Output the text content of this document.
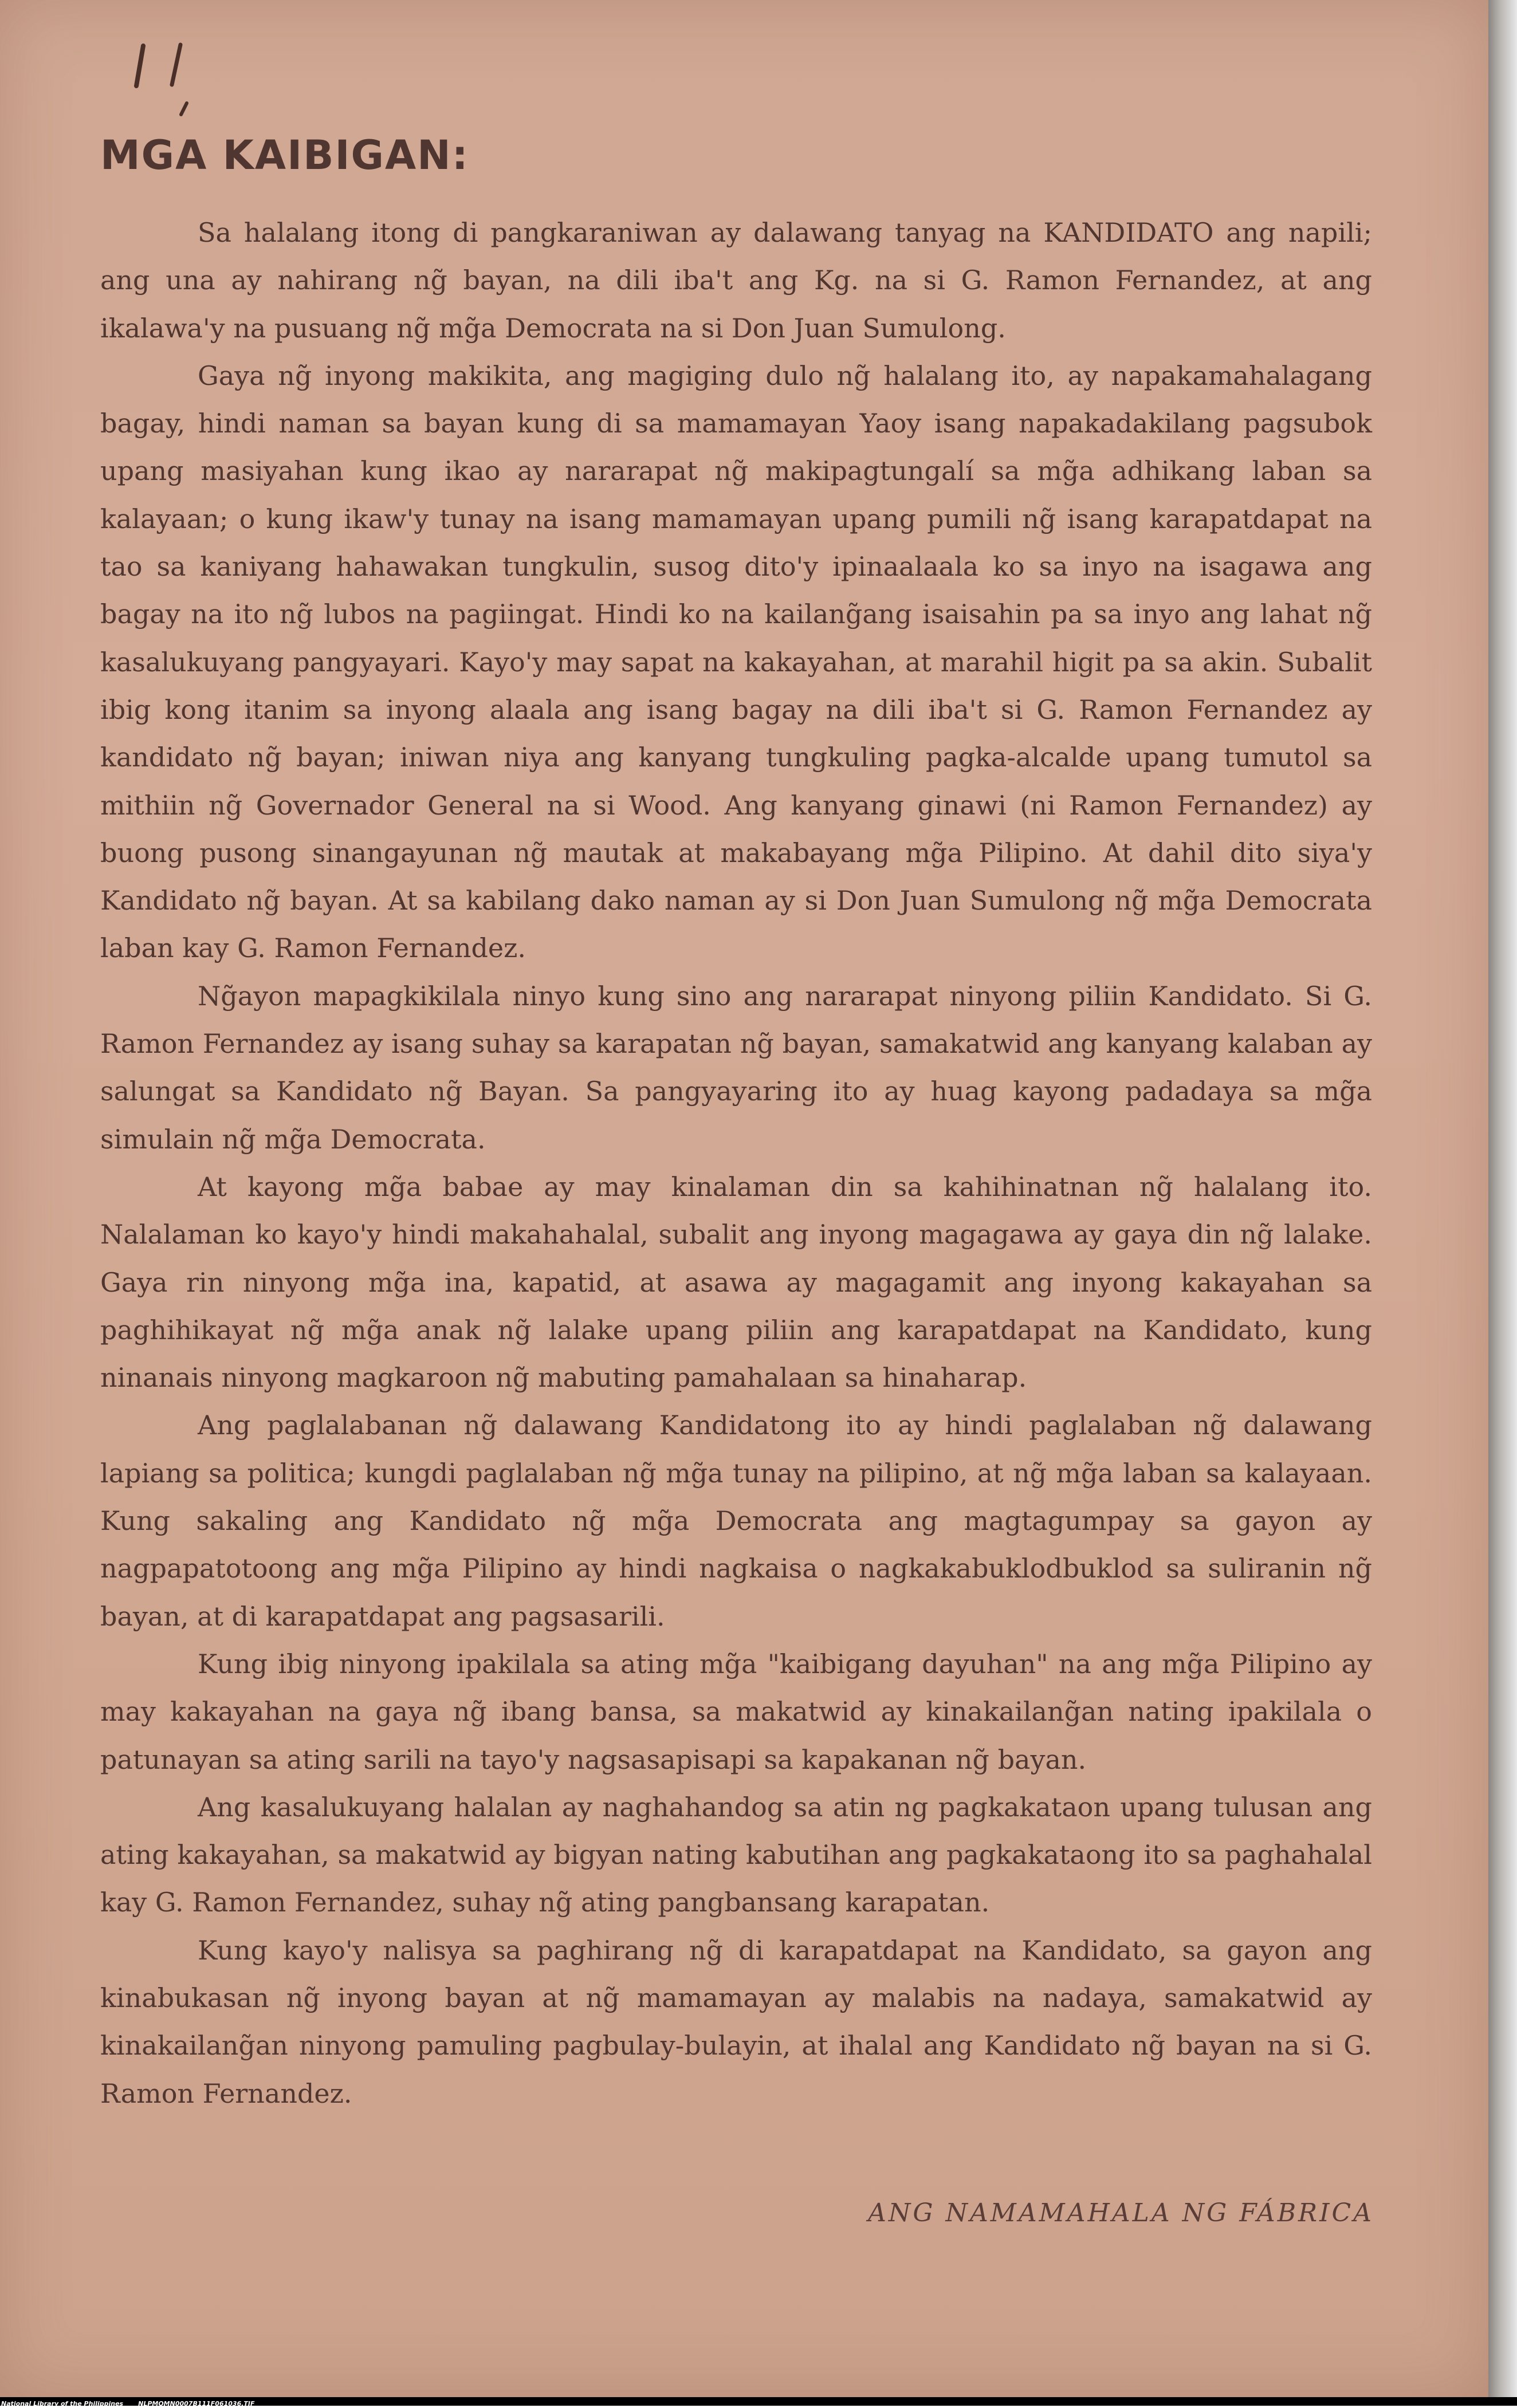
MGA KAIBIGAN:

Sa halalang itong di pangkaraniwan ay dalawang tanyag na KANDIDATO ang napili; ang una ay nahirang ng̃ bayan, na dili iba't ang Kg. na si G. Ramon Fernandez, at ang ikalawa'y na pusuang ng̃ mg̃a Democrata na si Don Juan Sumulong.

Gaya ng̃ inyong makikita, ang magiging dulo ng̃ halalang ito, ay napakamahalagang bagay, hindi naman sa bayan kung di sa mamamayan Yaoy isang napakadakilang pagsubok upang masiyahan kung ikao ay nararapat ng̃ makipagtungalí sa mg̃a adhikang laban sa kalayaan; o kung ikaw'y tunay na isang mamamayan upang pumili ng̃ isang karapatdapat na tao sa kaniyang hahawakan tungkulin, susog dito'y ipinaalaala ko sa inyo na isagawa ang bagay na ito ng̃ lubos na pagiingat. Hindi ko na kailang̃ang isaisahin pa sa inyo ang lahat ng̃ kasalukuyang pangyayari. Kayo'y may sapat na kakayahan, at marahil higit pa sa akin. Subalit ibig kong itanim sa inyong alaala ang isang bagay na dili iba't si G. Ramon Fernandez ay kandidato ng̃ bayan; iniwan niya ang kanyang tungkuling pagka-alcalde upang tumutol sa mithiin ng̃ Governador General na si Wood. Ang kanyang ginawi (ni Ramon Fernandez) ay buong pusong sinangayunan ng̃ mautak at makabayang mg̃a Pilipino. At dahil dito siya'y Kandidato ng̃ bayan. At sa kabilang dako naman ay si Don Juan Sumulong ng̃ mg̃a Democrata laban kay G. Ramon Fernandez.

Ng̃ayon mapagkikilala ninyo kung sino ang nararapat ninyong piliin Kandidato. Si G. Ramon Fernandez ay isang suhay sa karapatan ng̃ bayan, samakatwid ang kanyang kalaban ay salungat sa Kandidato ng̃ Bayan. Sa pangyayaring ito ay huag kayong padadaya sa mg̃a simulain ng̃ mg̃a Democrata.

At kayong mg̃a babae ay may kinalaman din sa kahihinatnan ng̃ halalang ito. Nalalaman ko kayo'y hindi makahahalal, subalit ang inyong magagawa ay gaya din ng̃ lalake. Gaya rin ninyong mg̃a ina, kapatid, at asawa ay magagamit ang inyong kakayahan sa paghihikayat ng̃ mg̃a anak ng̃ lalake upang piliin ang karapatdapat na Kandidato, kung ninanais ninyong magkaroon ng̃ mabuting pamahalaan sa hinaharap.

Ang paglalabanan ng̃ dalawang Kandidatong ito ay hindi paglalaban ng̃ dalawang lapiang sa politica; kungdi paglalaban ng̃ mg̃a tunay na pilipino, at ng̃ mg̃a laban sa kalayaan. Kung sakaling ang Kandidato ng̃ mg̃a Democrata ang magtagumpay sa gayon ay nagpapatotoong ang mg̃a Pilipino ay hindi nagkaisa o nagkakabuklodbuklod sa suliranin ng̃ bayan, at di karapatdapat ang pagsasarili.

Kung ibig ninyong ipakilala sa ating mg̃a "kaibigang dayuhan" na ang mg̃a Pilipino ay may kakayahan na gaya ng̃ ibang bansa, sa makatwid ay kinakailang̃an nating ipakilala o patunayan sa ating sarili na tayo'y nagsasapisapi sa kapakanan ng̃ bayan.

Ang kasalukuyang halalan ay naghahandog sa atin ng pagkakataon upang tulusan ang ating kakayahan, sa makatwid ay bigyan nating kabutihan ang pagkakataong ito sa paghahalal kay G. Ramon Fernandez, suhay ng̃ ating pangbansang karapatan.

Kung kayo'y nalisya sa paghirang ng̃ di karapatdapat na Kandidato, sa gayon ang kinabukasan ng̃ inyong bayan at ng̃ mamamayan ay malabis na nadaya, samakatwid ay kinakailang̃an ninyong pamuling pagbulay-bulayin, at ihalal ang Kandidato ng̃ bayan na si G. Ramon Fernandez.

ANG NAMAMAHALA NG FÁBRICA

National Library of the Philippines NLPMQMN0007B111F061036.TIF
